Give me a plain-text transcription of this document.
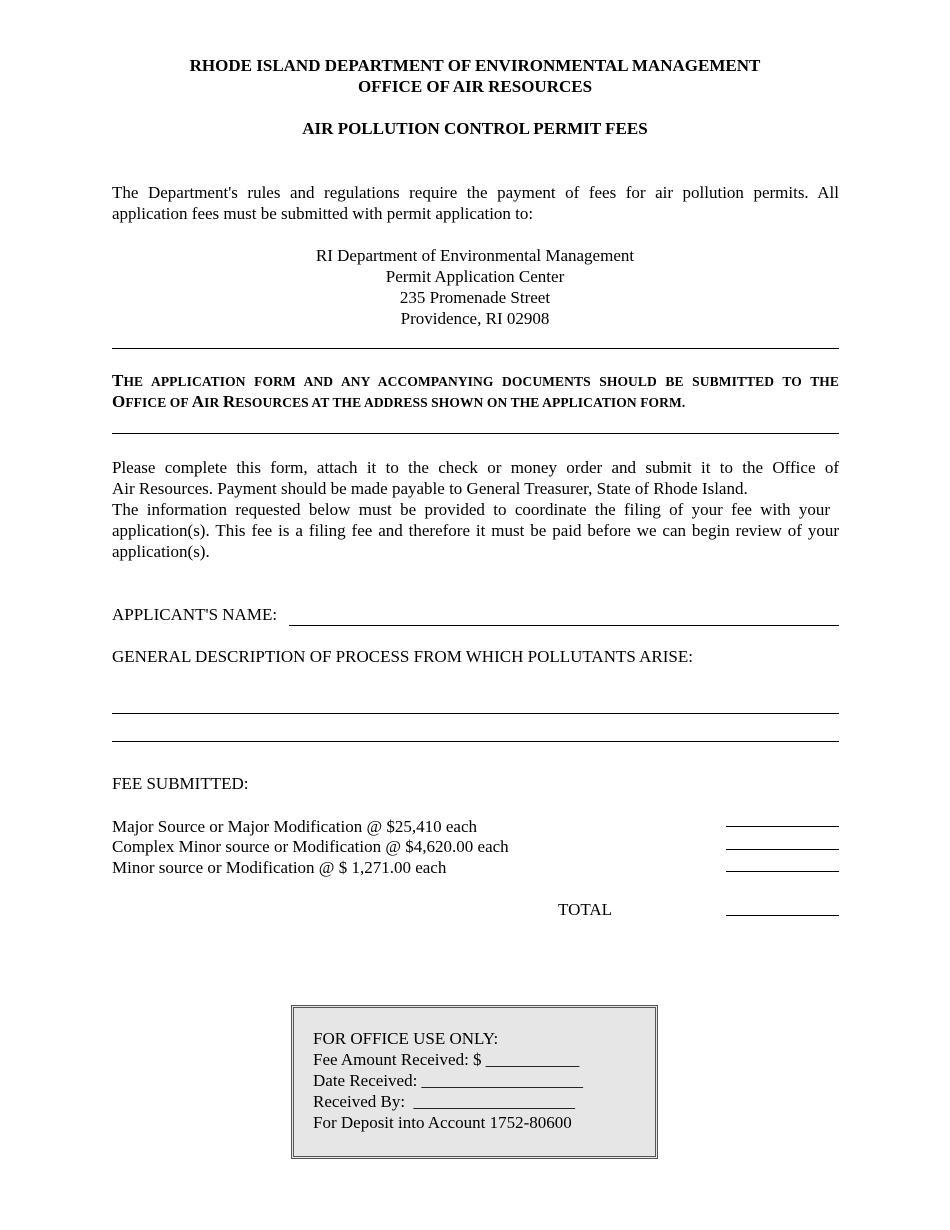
RHODE ISLAND DEPARTMENT OF ENVIRONMENTAL MANAGEMENT
OFFICE OF AIR RESOURCES
AIR POLLUTION CONTROL PERMIT FEES
The Department's rules and regulations require the payment of fees for air pollution permits. All
application fees must be submitted with permit application to:
RI Department of Environmental Management
Permit Application Center
235 Promenade Street
Providence, RI 02908
THE APPLICATION FORM AND ANY ACCOMPANYING DOCUMENTS SHOULD BE SUBMITTED TO THE
OFFICE OF AIR RESOURCES AT THE ADDRESS SHOWN ON THE APPLICATION FORM.
Please complete this form, attach it to the check or money order and submit it to the Office of
Air Resources. Payment should be made payable to General Treasurer, State of Rhode Island.
The information requested below must be provided to coordinate the filing of your fee with your
application(s). This fee is a filing fee and therefore it must be paid before we can begin review of your
application(s).
APPLICANT'S NAME:
GENERAL DESCRIPTION OF PROCESS FROM WHICH POLLUTANTS ARISE:
FEE SUBMITTED:
Major Source or Major Modification @ $25,410 each
Complex Minor source or Modification @ $4,620.00 each
Minor source or Modification @ $ 1,271.00 each
TOTAL
FOR OFFICE USE ONLY:
Fee Amount Received: $ ___________
Date Received: ___________________
Received By:  ___________________
For Deposit into Account 1752-80600
